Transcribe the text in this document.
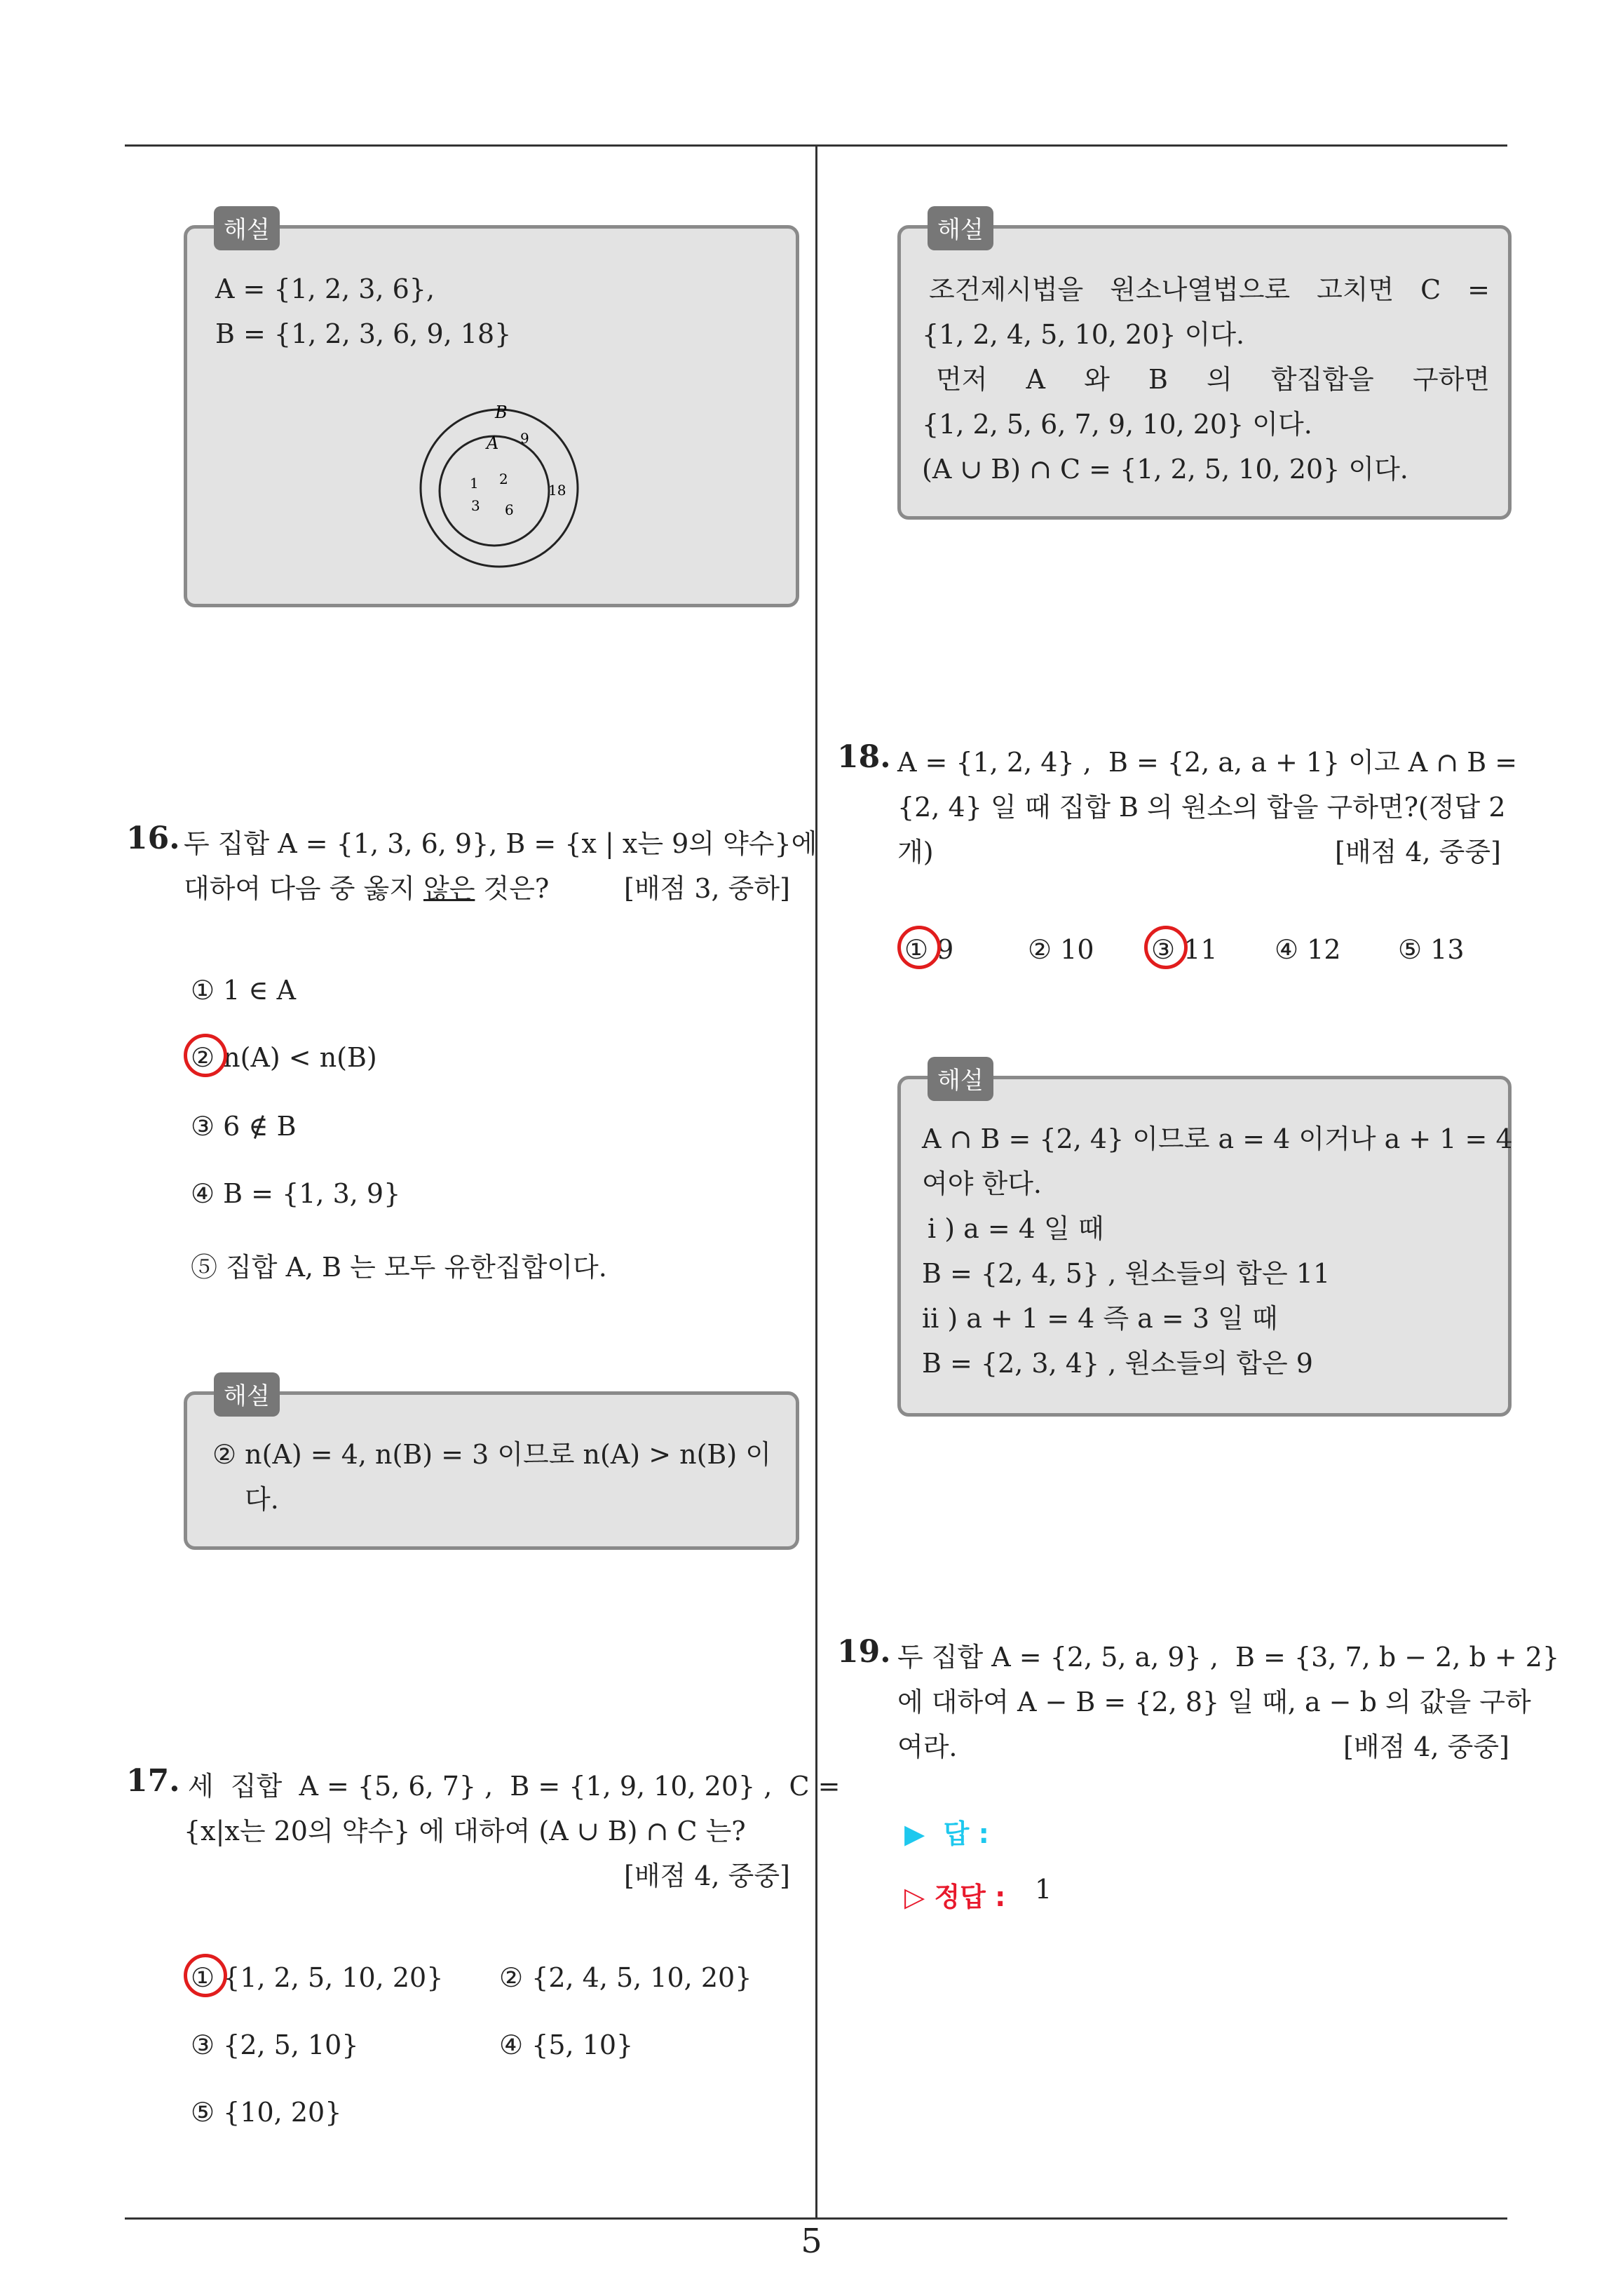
해설
A = {1, 2, 3, 6},
B = {1, 2, 3, 6, 9, 18}
B
A
1 2
3 6
9
18
16. 두 집합 A = {1, 3, 6, 9}, B = {x | x는 9의 약수}에
대하여 다음 중 옳지 않은 것은?	[배점 3, 중하]
① 1 ∈ A
② n(A) < n(B)
③ 6 ∉ B
④ B = {1, 3, 9}
⑤ 집합 A, B 는 모두 유한집합이다.
해설
② n(A) = 4, n(B) = 3 이므로 n(A) > n(B) 이
다.
17. 세  집합  A = {5, 6, 7} ,  B = {1, 9, 10, 20} ,  C =
{x|x는 20의 약수} 에 대하여 (A ∪ B) ∩ C 는?
[배점 4, 중중]
① {1, 2, 5, 10, 20} ② {2, 4, 5, 10, 20}
③ {2, 5, 10}	④ {5, 10}
⑤ {10, 20}
해설
조건제시법을 원소나열법으로 고치면 C =
{1, 2, 4, 5, 10, 20} 이다.
먼저 A 와 B 의 합집합을 구하면
{1, 2, 5, 6, 7, 9, 10, 20} 이다.
(A ∪ B) ∩ C = {1, 2, 5, 10, 20} 이다.
18. A = {1, 2, 4} ,  B = {2, a, a + 1} 이고 A ∩ B =
{2, 4} 일 때 집합 B 의 원소의 합을 구하면?(정답 2
개)	[배점 4, 중중]
① 9	② 10 ③ 11 ④ 12 ⑤ 13
해설
A ∩ B = {2, 4} 이므로 a = 4 이거나 a + 1 = 4
여야 한다.
i ) a = 4 일 때
B = {2, 4, 5} , 원소들의 합은 11
ii ) a + 1 = 4 즉 a = 3 일 때
B = {2, 3, 4} , 원소들의 합은 9
19. 두 집합 A = {2, 5, a, 9} ,  B = {3, 7, b − 2, b + 2}
에 대하여 A − B = {2, 8} 일 때, a − b 의 값을 구하
여라.	[배점 4, 중중]
▶  답 :
▷ 정답 : 1
5
